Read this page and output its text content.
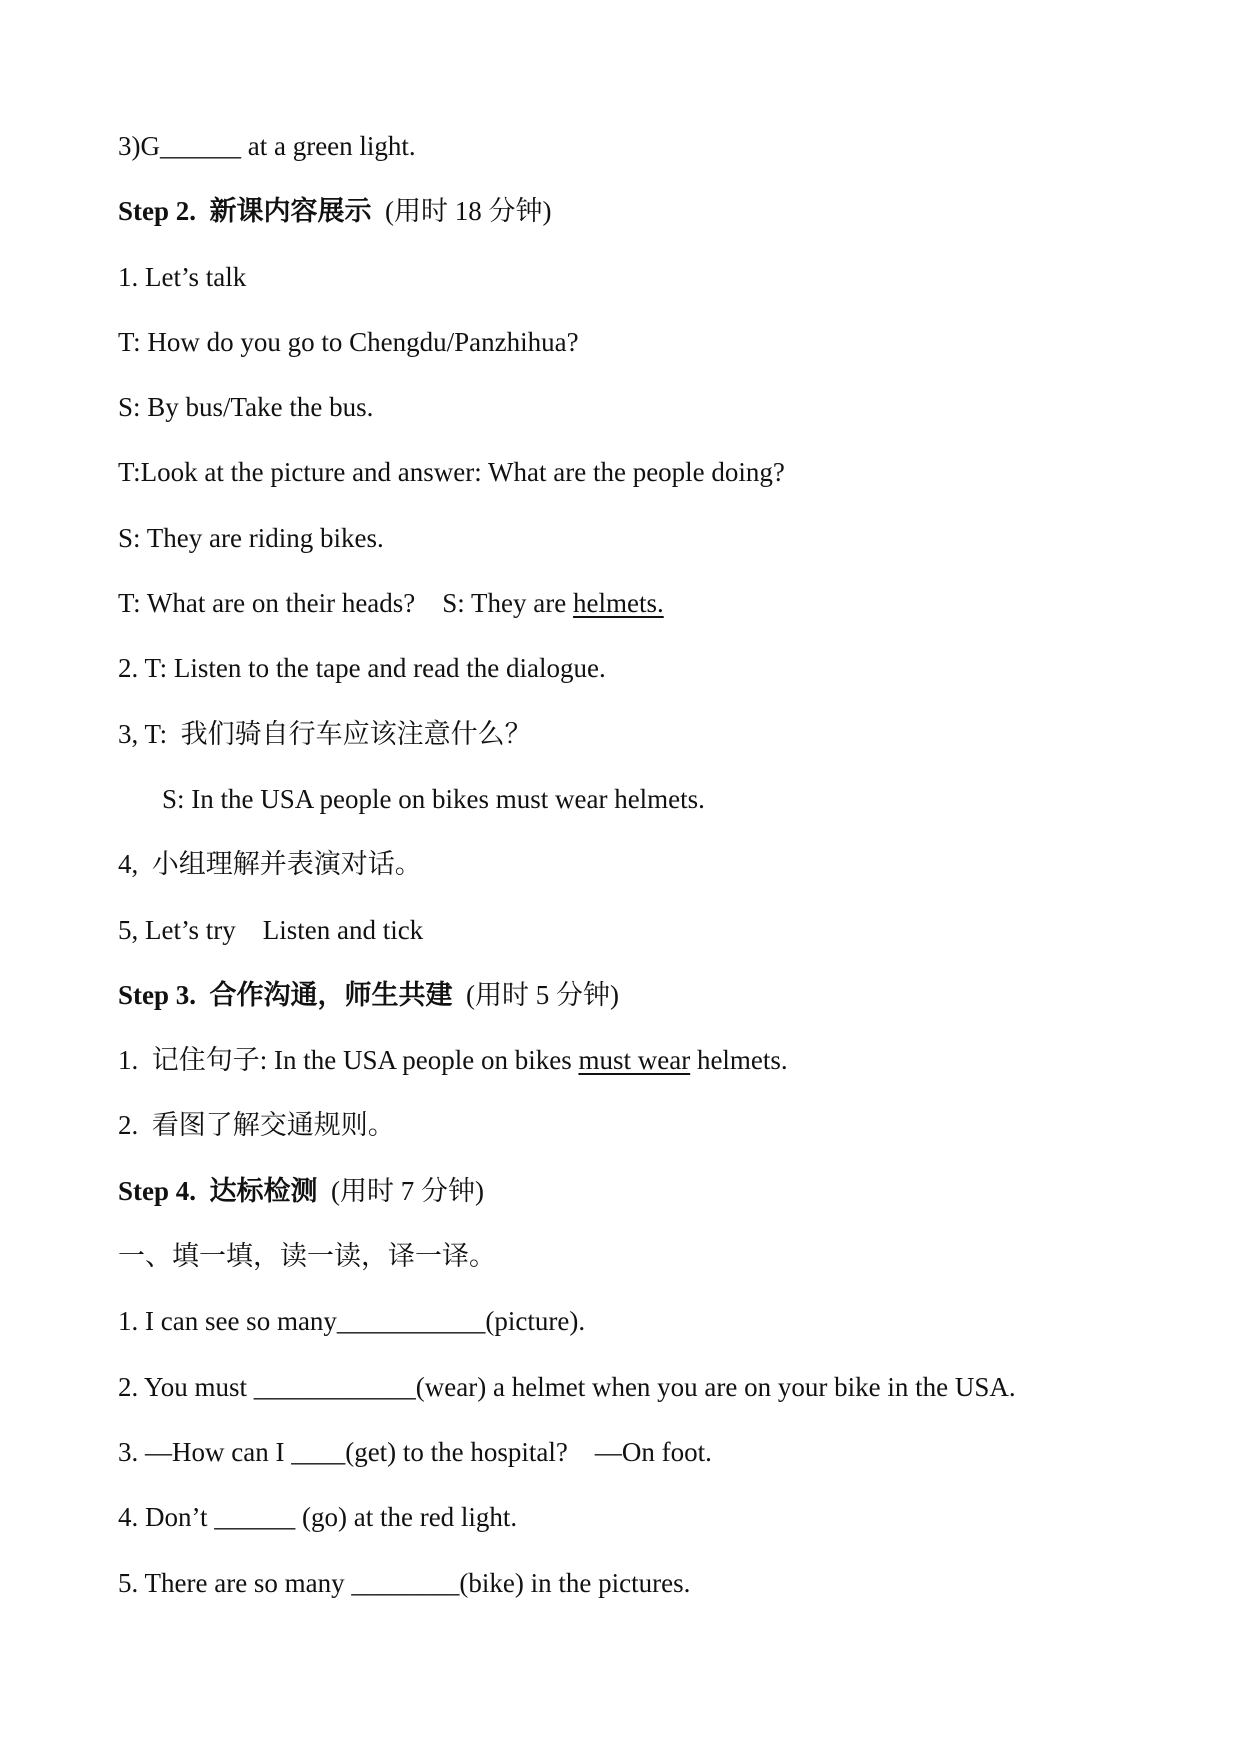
3)G______ at a green light.
Step 2.  新课内容展示  (用时 18 分钟)
1. Let’s talk
T: How do you go to Chengdu/Panzhihua?
S: By bus/Take the bus.
T:Look at the picture and answer: What are the people doing?
S: They are riding bikes.
T: What are on their heads?    S: They are helmets.
2. T: Listen to the tape and read the dialogue.
3, T:  我们骑自行车应该注意什么？
S: In the USA people on bikes must wear helmets.
4,  小组理解并表演对话。
5, Let’s try    Listen and tick
Step 3.  合作沟通，师生共建  (用时 5 分钟)
1.  记住句子: In the USA people on bikes must wear helmets.
2.  看图了解交通规则。
Step 4.  达标检测  (用时 7 分钟)
一、填一填，读一读，译一译。
1. I can see so many___________(picture).
2. You must ____________(wear) a helmet when you are on your bike in the USA.
3. —How can I ____(get) to the hospital?    —On foot.
4. Don’t ______ (go) at the red light.
5. There are so many ________(bike) in the pictures.
